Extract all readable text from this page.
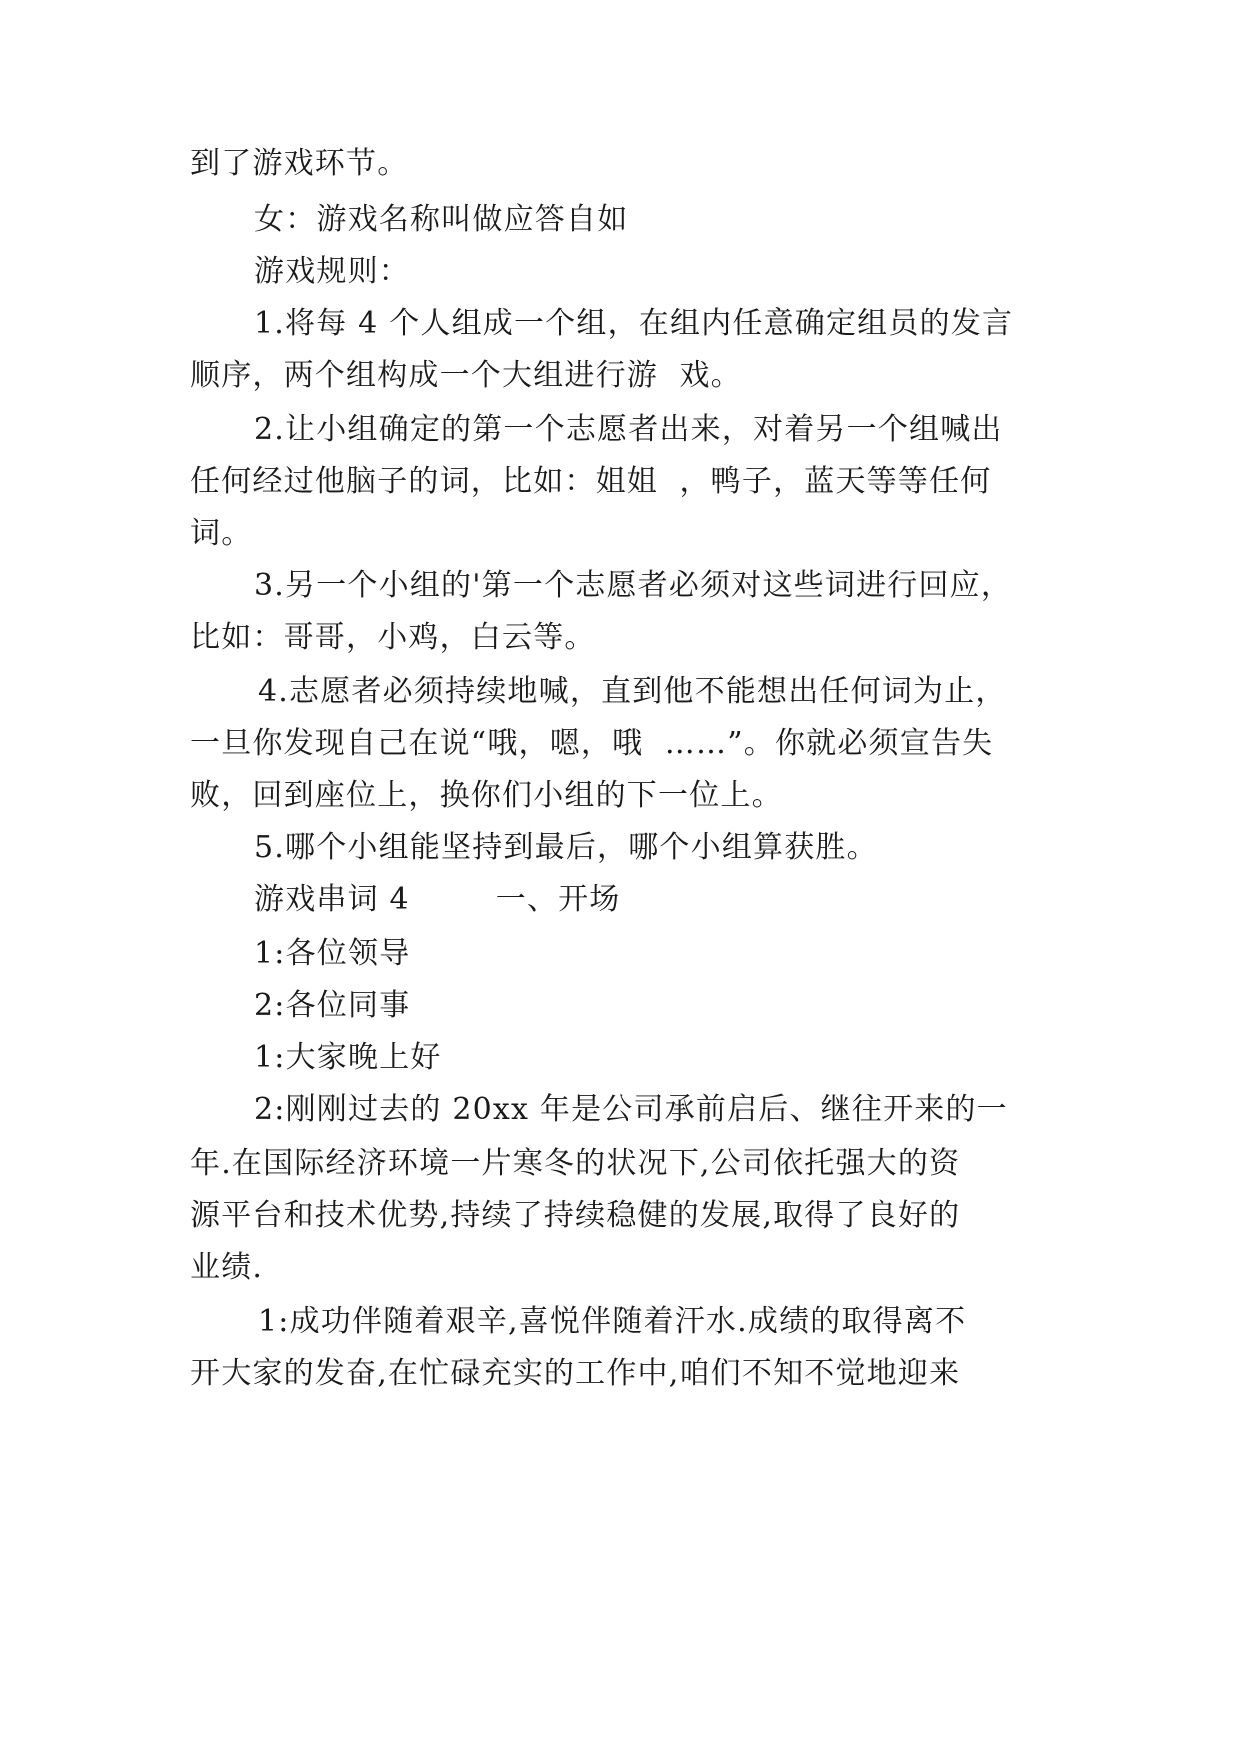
到了游戏环节。

女：游戏名称叫做应答自如

游戏规则：

1.将每 4 个人组成一个组，在组内任意确定组员的发言

顺序，两个组构成一个大组进行游  戏。

2.让小组确定的第一个志愿者出来，对着另一个组喊出

任何经过他脑子的词，比如：姐姐  ，鸭子，蓝天等等任何

词。

3.另一个小组的'第一个志愿者必须对这些词进行回应，

比如：哥哥，小鸡，白云等。

4.志愿者必须持续地喊，直到他不能想出任何词为止，

一旦你发现自己在说“哦，嗯，哦  ……”。你就必须宣告失

败，回到座位上，换你们小组的下一位上。

5.哪个小组能坚持到最后，哪个小组算获胜。

游戏串词 4        一、开场

1:各位领导

2:各位同事

1:大家晚上好

2:刚刚过去的 20xx 年是公司承前启后、继往开来的一

年.在国际经济环境一片寒冬的状况下,公司依托强大的资

源平台和技术优势,持续了持续稳健的发展,取得了良好的

业绩.

1:成功伴随着艰辛,喜悦伴随着汗水.成绩的取得离不

开大家的发奋,在忙碌充实的工作中,咱们不知不觉地迎来
